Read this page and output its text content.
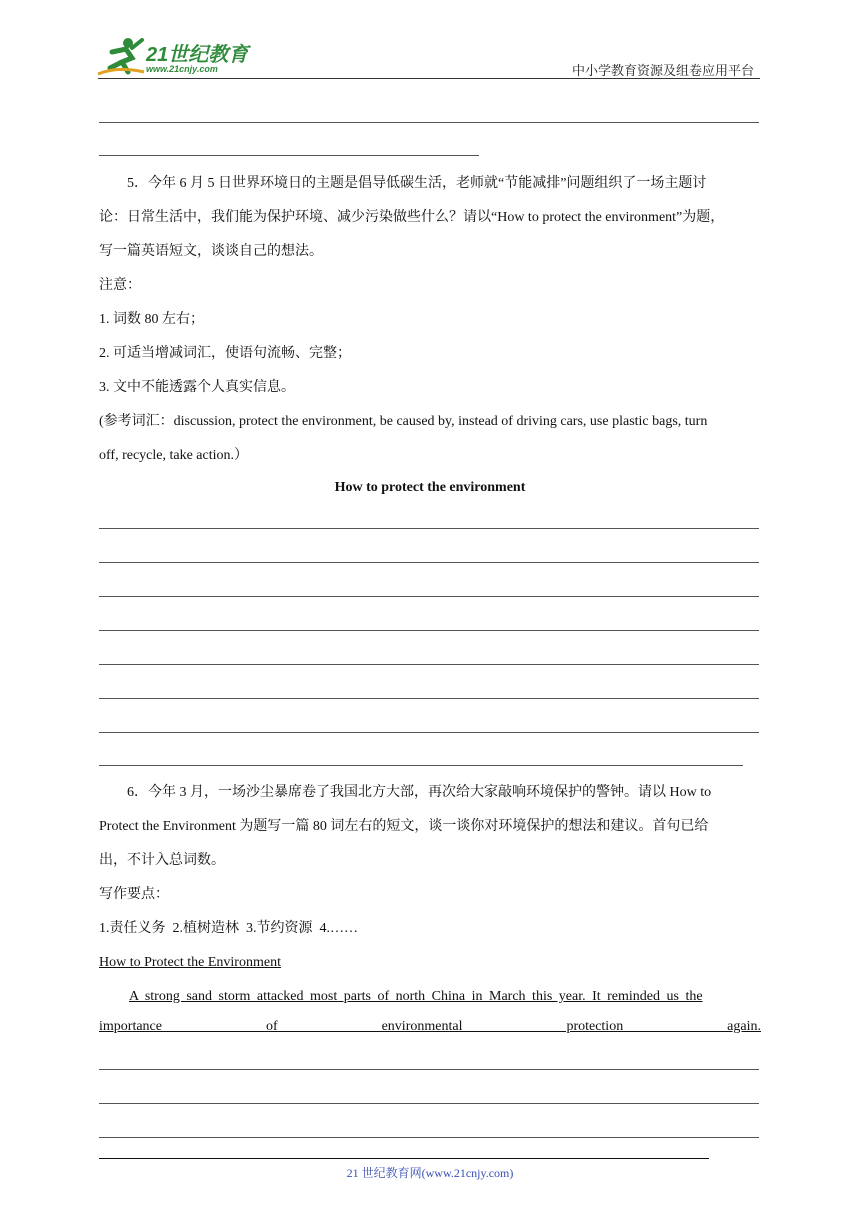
21世纪教育
www.21cnjy.com	中小学教育资源及组卷应用平台
5．今年 6 月 5 日世界环境日的主题是倡导低碳生活，老师就“节能减排”问题组织了一场主题讨
论：日常生活中，我们能为保护环境、减少污染做些什么？请以“How to protect the environment”为题，
写一篇英语短文，谈谈自己的想法。
注意：
1. 词数 80 左右；
2. 可适当增减词汇，使语句流畅、完整；
3. 文中不能透露个人真实信息。
(参考词汇：discussion, protect the environment, be caused by, instead of driving cars, use plastic bags, turn
off, recycle, take action.）
How to protect the environment
6．今年 3 月，一场沙尘暴席卷了我国北方大部，再次给大家敲响环境保护的警钟。请以 How to
Protect the Environment 为题写一篇 80 词左右的短文，谈一谈你对环境保护的想法和建议。首句已给
出，不计入总词数。
写作要点：
1.责任义务  2.植树造林  3.节约资源  4.……
How to Protect the Environment
A strong sand storm attacked most parts of north China in March this year. It reminded us the
importance of environmental protection again.
21 世纪教育网(www.21cnjy.com)
